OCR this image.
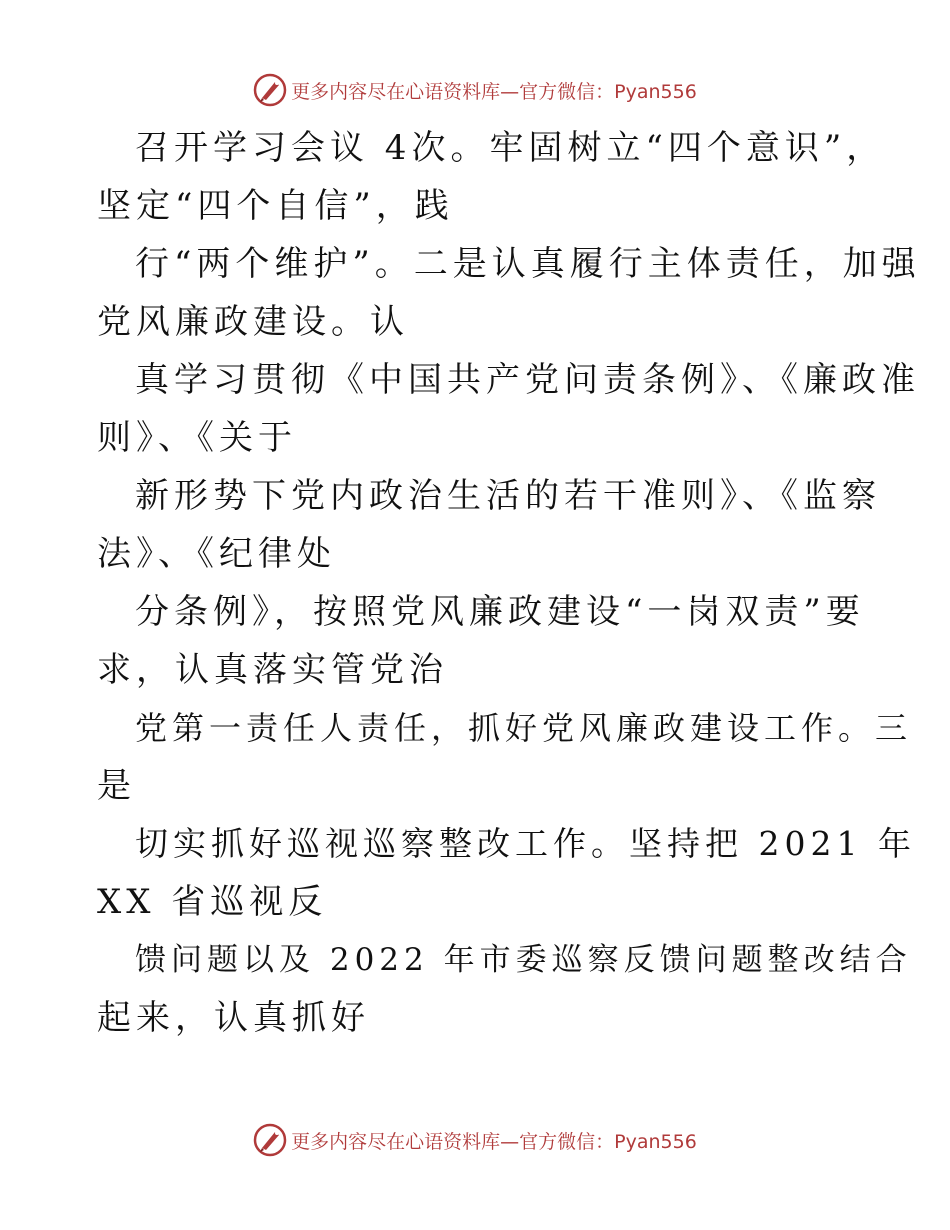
更多内容尽在心语资料库—官方微信：Pyan556
召开学习会议 4次。牢固树立“四个意识”，
坚定“四个自信”，践
行“两个维护”。二是认真履行主体责任，加强
党风廉政建设。认
真学习贯彻《中国共产党问责条例》、《廉政准
则》、《关于
新形势下党内政治生活的若干准则》、《监察
法》、《纪律处
分条例》，按照党风廉政建设“一岗双责”要
求，认真落实管党治
党第一责任人责任，抓好党风廉政建设工作。三
是
切实抓好巡视巡察整改工作。坚持把 2021 年
XX 省巡视反
馈问题以及 2022 年市委巡察反馈问题整改结合
起来，认真抓好
更多内容尽在心语资料库—官方微信：Pyan556
